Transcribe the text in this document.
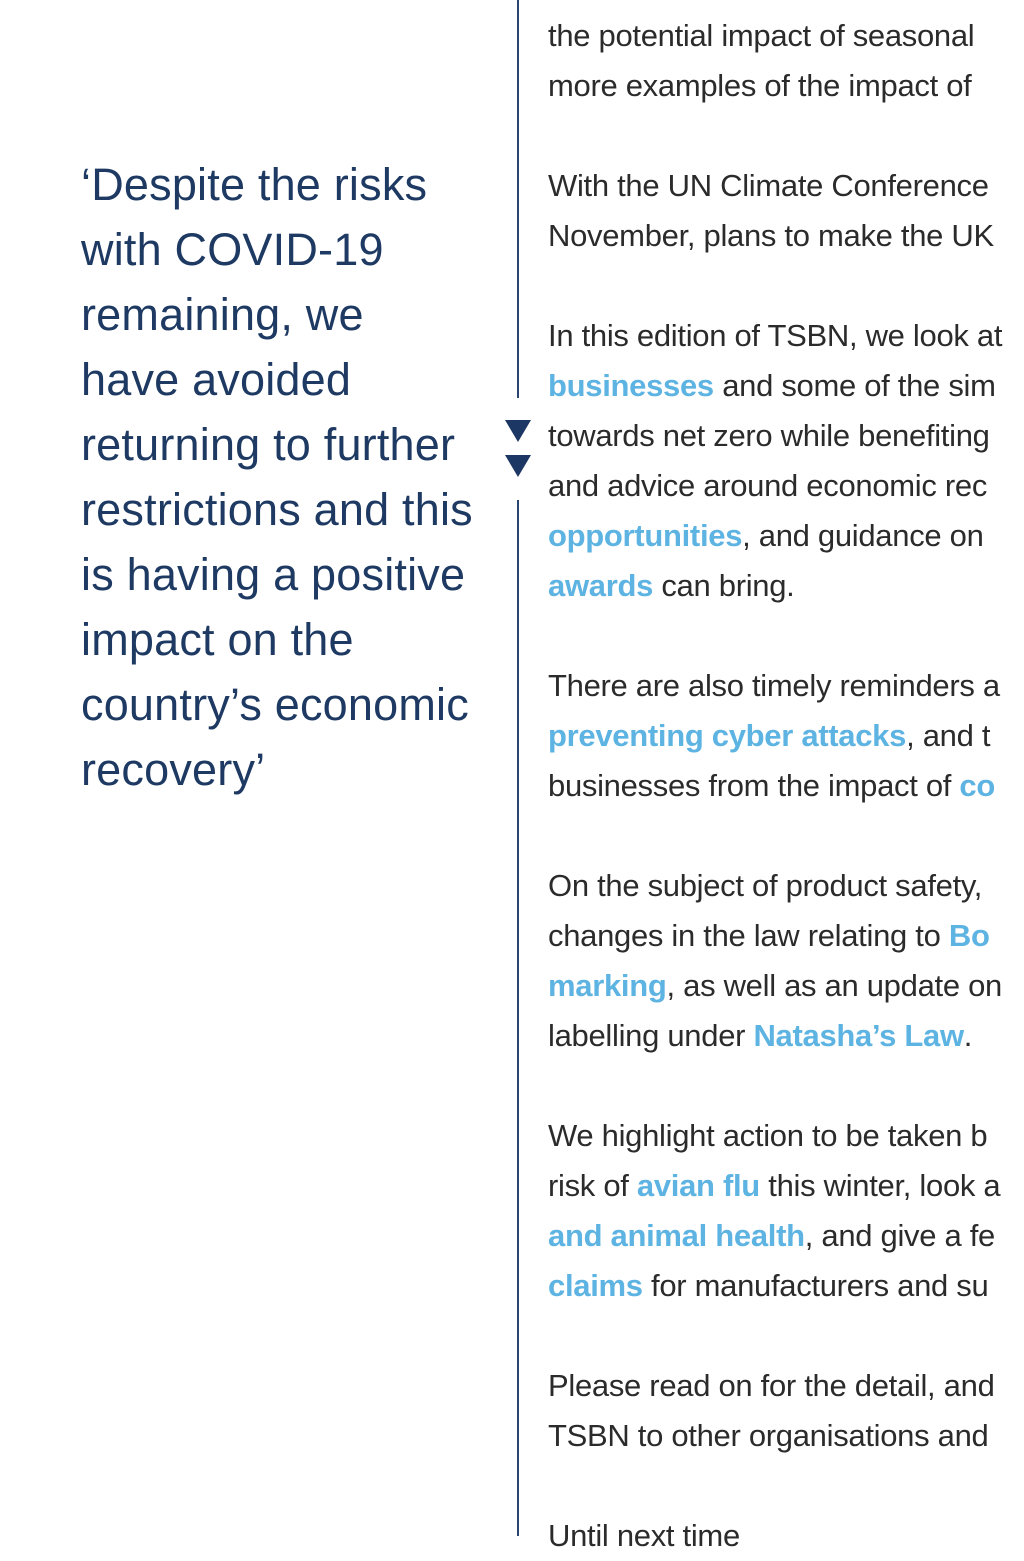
‘Despite the risks
with COVID-19
remaining, we
have avoided
returning to further
restrictions and this
is having a positive
impact on the
country’s economic
recovery’

the potential impact of seasonal
more examples of the impact of
With the UN Climate Conference
November, plans to make the UK
In this edition of TSBN, we look at
businesses and some of the sim
towards net zero while benefiting
and advice around economic rec
opportunities, and guidance on
awards can bring.
There are also timely reminders a
preventing cyber attacks, and t
businesses from the impact of co
On the subject of product safety,
changes in the law relating to Bo
marking, as well as an update on
labelling under Natasha’s Law.
We highlight action to be taken b
risk of avian flu this winter, look a
and animal health, and give a fe
claims for manufacturers and su
Please read on for the detail, and
TSBN to other organisations and
Until next time
